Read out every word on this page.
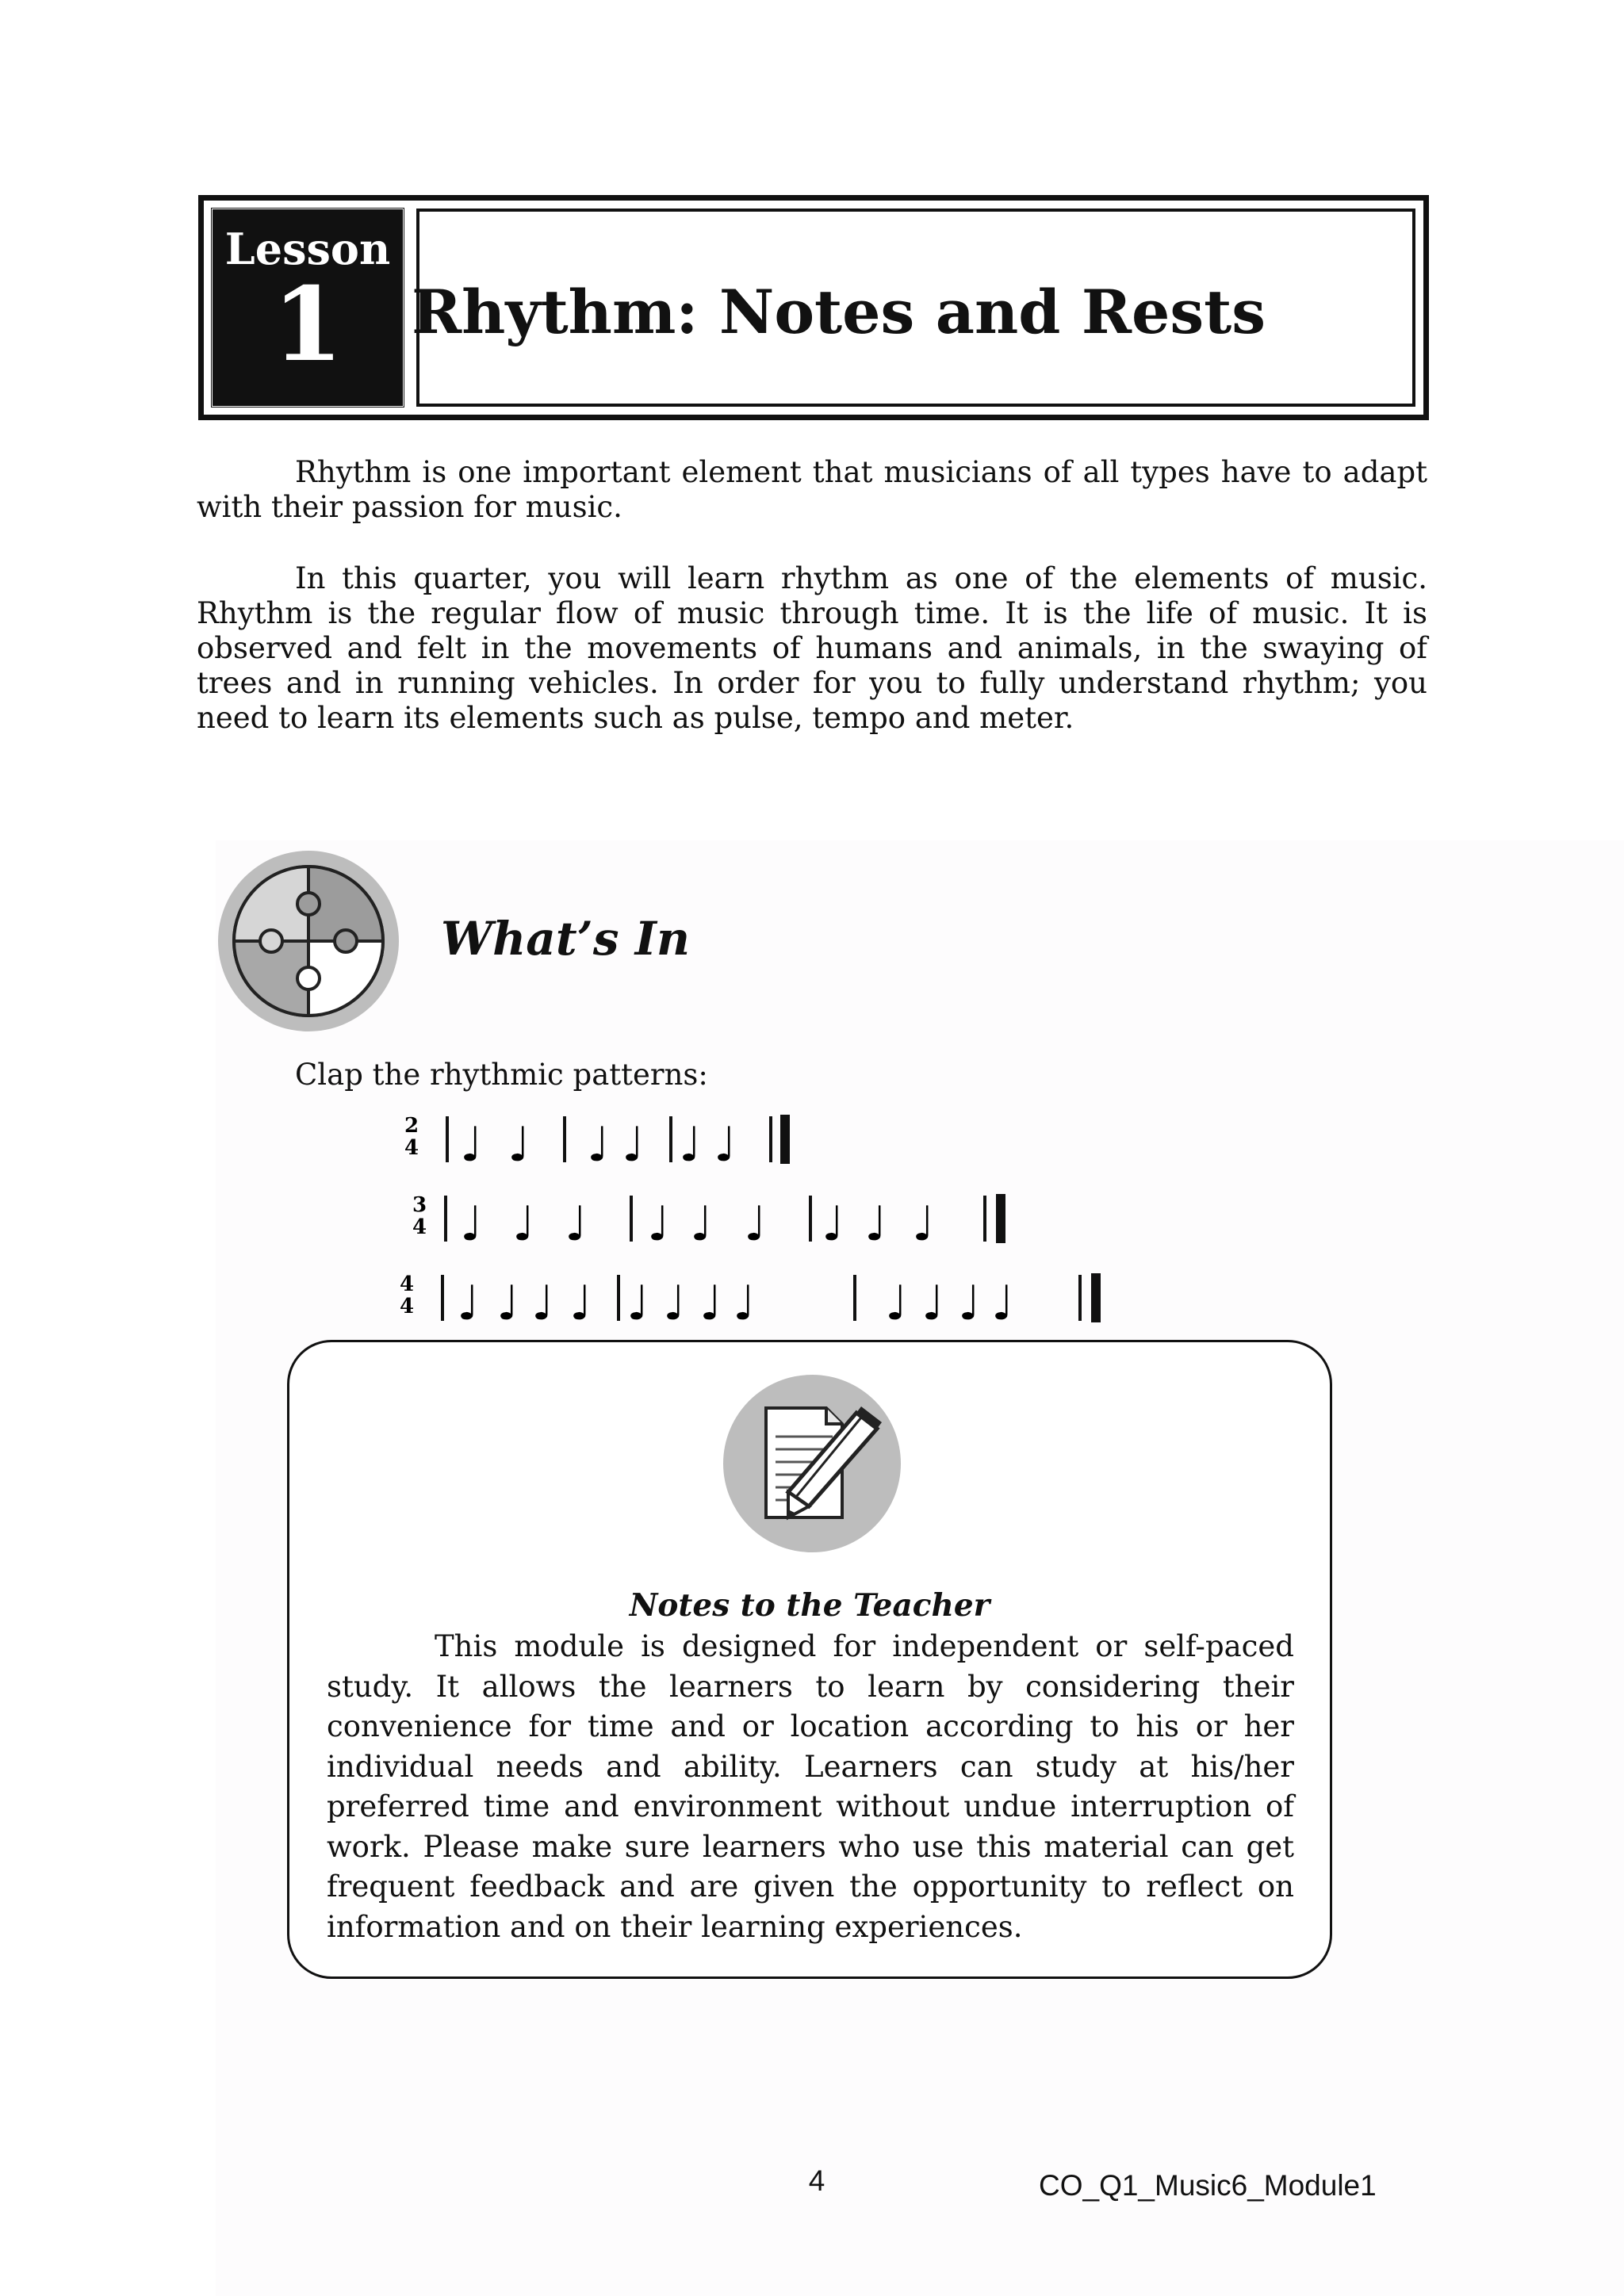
Lesson
1	Rhythm: Notes and Rests

Rhythm is one important element that musicians of all types have to adapt with their passion for music.

In this quarter, you will learn rhythm as one of the elements of music. Rhythm is the regular flow of music through time. It is the life of music. It is observed and felt in the movements of humans and animals, in the swaying of trees and in running vehicles. In order for you to fully understand rhythm; you need to learn its elements such as pulse, tempo and meter.

What’s In
Clap the rhythmic patterns:
2
4 ♩ ♩ ♩ ♩ ♩ ♩
3
4 ♩ ♩ ♩ ♩ ♩ ♩ ♩ ♩ ♩
4
4 ♩ ♩ ♩ ♩ ♩ ♩ ♩ ♩	♩ ♩ ♩ ♩
Notes to the Teacher

This module is designed for independent or self-paced study. It allows the learners to learn by considering their convenience for time and or location according to his or her individual needs and ability. Learners can study at his/her preferred time and environment without undue interruption of work. Please make sure learners who use this material can get frequent feedback and are given the opportunity to reflect on information and on their learning experiences.

4	CO_Q1_Music6_Module1
